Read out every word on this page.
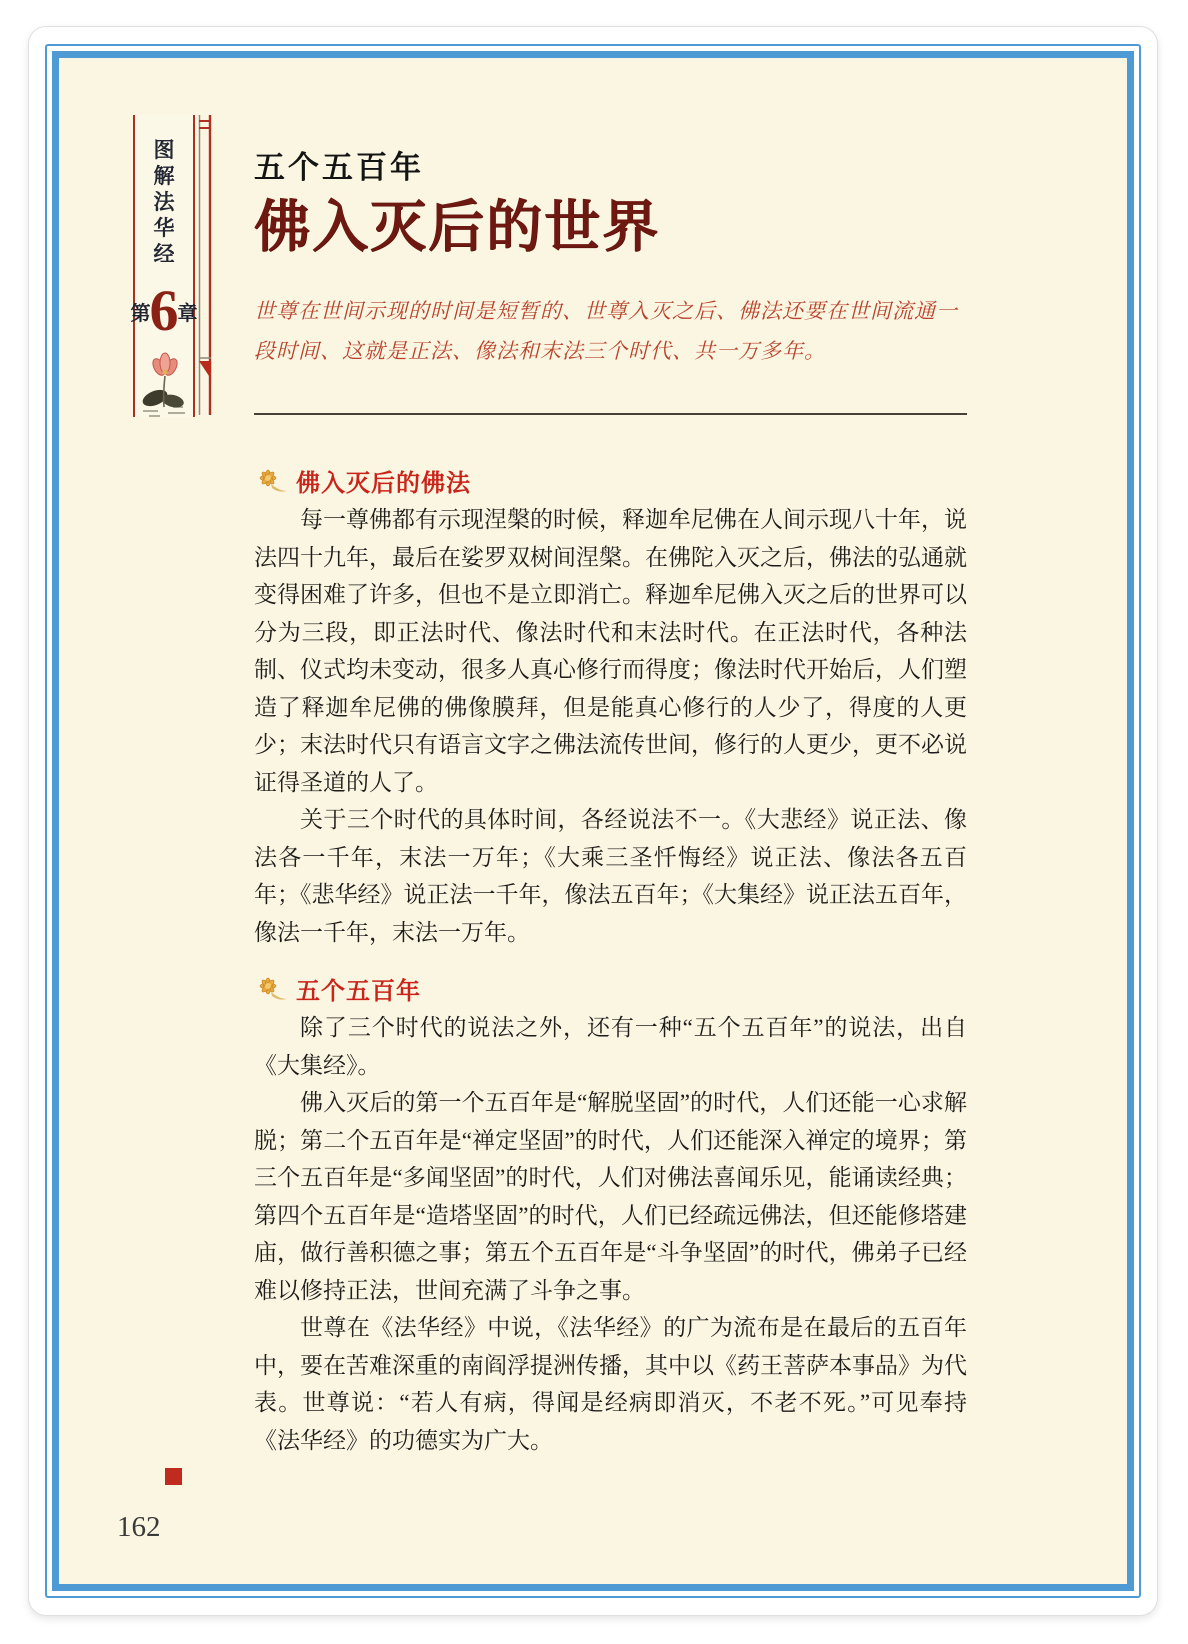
图
解
法
华
经
第 6 章
五个五百年
佛入灭后的世界
世尊在世间示现的时间是短暂的、世尊入灭之后、佛法还要在世间流通一段时间、这就是正法、像法和末法三个时代、共一万多年。
佛入灭后的佛法

每一尊佛都有示现涅槃的时候，释迦牟尼佛在人间示现八十年，说法四十九年，最后在娑罗双树间涅槃。在佛陀入灭之后，佛法的弘通就变得困难了许多，但也不是立即消亡。释迦牟尼佛入灭之后的世界可以分为三段，即正法时代、像法时代和末法时代。在正法时代，各种法制、仪式均未变动，很多人真心修行而得度；像法时代开始后，人们塑造了释迦牟尼佛的佛像膜拜，但是能真心修行的人少了，得度的人更少；末法时代只有语言文字之佛法流传世间，修行的人更少，更不必说证得圣道的人了。

关于三个时代的具体时间，各经说法不一。《大悲经》说正法、像法各一千年，末法一万年；《大乘三圣忏悔经》说正法、像法各五百年；《悲华经》说正法一千年，像法五百年；《大集经》说正法五百年，像法一千年，末法一万年。

五个五百年

除了三个时代的说法之外，还有一种“五个五百年”的说法，出自《大集经》。

佛入灭后的第一个五百年是“解脱坚固”的时代，人们还能一心求解脱；第二个五百年是“禅定坚固”的时代，人们还能深入禅定的境界；第三个五百年是“多闻坚固”的时代，人们对佛法喜闻乐见，能诵读经典；第四个五百年是“造塔坚固”的时代，人们已经疏远佛法，但还能修塔建庙，做行善积德之事；第五个五百年是“斗争坚固”的时代，佛弟子已经难以修持正法，世间充满了斗争之事。

世尊在《法华经》中说，《法华经》的广为流布是在最后的五百年中，要在苦难深重的南阎浮提洲传播，其中以《药王菩萨本事品》为代表。世尊说：“若人有病，得闻是经病即消灭，不老不死。”可见奉持《法华经》的功德实为广大。

162
